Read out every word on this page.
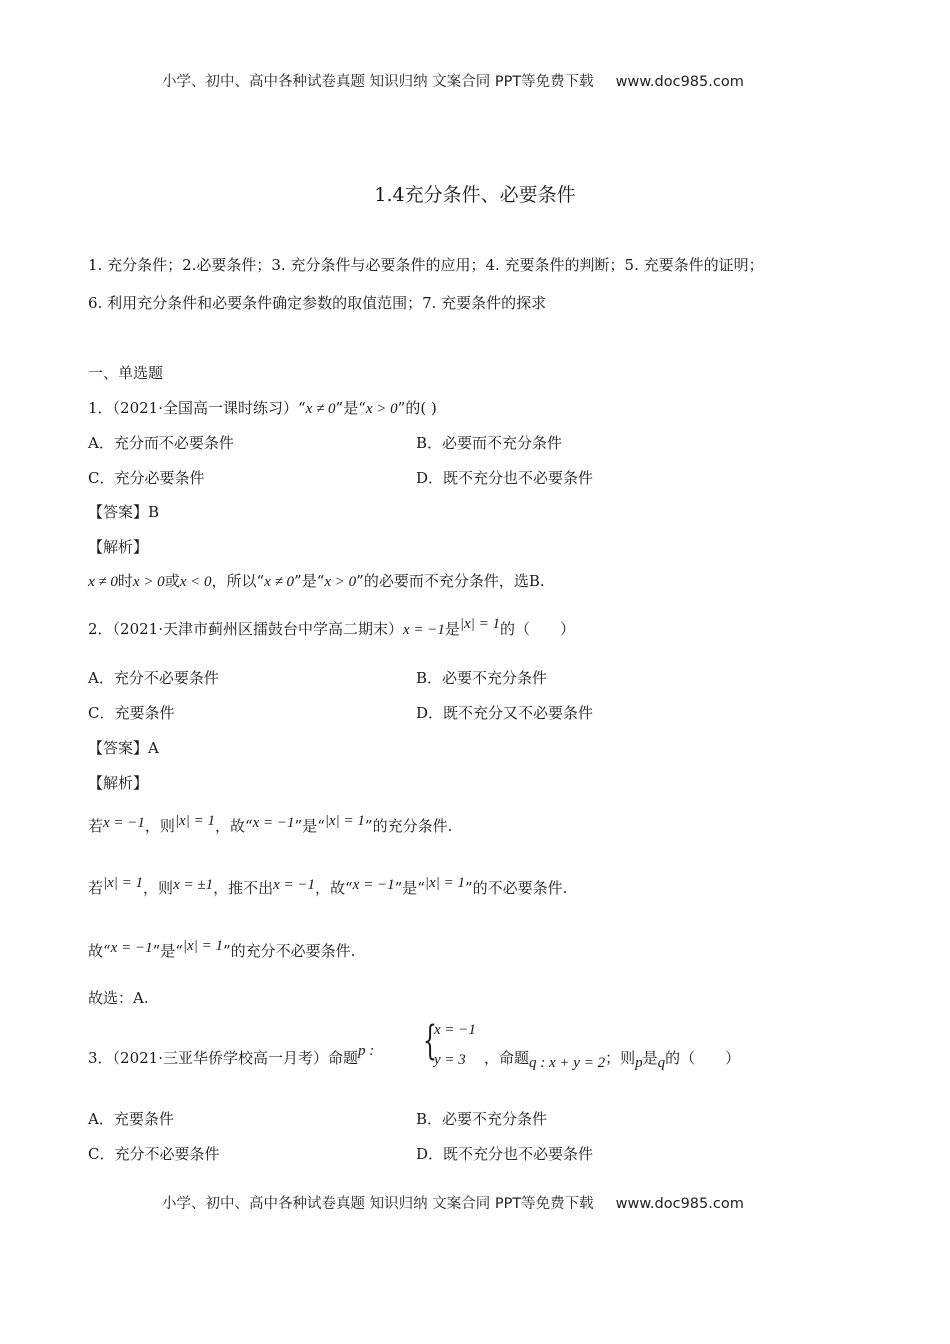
小学、初中、高中各种试卷真题 知识归纳 文案合同 PPT等免费下载 www.doc985.com
1.4充分条件、必要条件
1. 充分条件；2.必要条件；3. 充分条件与必要条件的应用；4. 充要条件的判断；5. 充要条件的证明；
6. 利用充分条件和必要条件确定参数的取值范围；7. 充要条件的探求
一、单选题
1．（2021·全国高一课时练习）“x ≠ 0”是“x > 0”的( )
A．充分而不必要条件	B．必要而不充分条件
C．充分必要条件	D．既不充分也不必要条件
【答案】B
【解析】
x ≠ 0时x > 0或x < 0，所以“x ≠ 0”是“x > 0”的必要而不充分条件，选B.
2．（2021·天津市蓟州区擂鼓台中学高二期末）x = −1是|x| = 1的（　　）
A．充分不必要条件	B．必要不充分条件
C．充要条件	D．既不充分又不必要条件
【答案】A
【解析】
若x = −1，则|x| = 1，故“x = −1”是“|x| = 1”的充分条件.
若|x| = 1，则x = ±1，推不出x = −1，故“x = −1”是“|x| = 1”的不必要条件.
故“x = −1”是“|x| = 1”的充分不必要条件.
故选：A.
3．（2021·三亚华侨学校高一月考）命题p : {
x = −1
y = 3 ，命题q : x + y = 2；则p是q的（　　）
A．充要条件	B．必要不充分条件
C．充分不必要条件	D．既不充分也不必要条件
小学、初中、高中各种试卷真题 知识归纳 文案合同 PPT等免费下载 www.doc985.com
